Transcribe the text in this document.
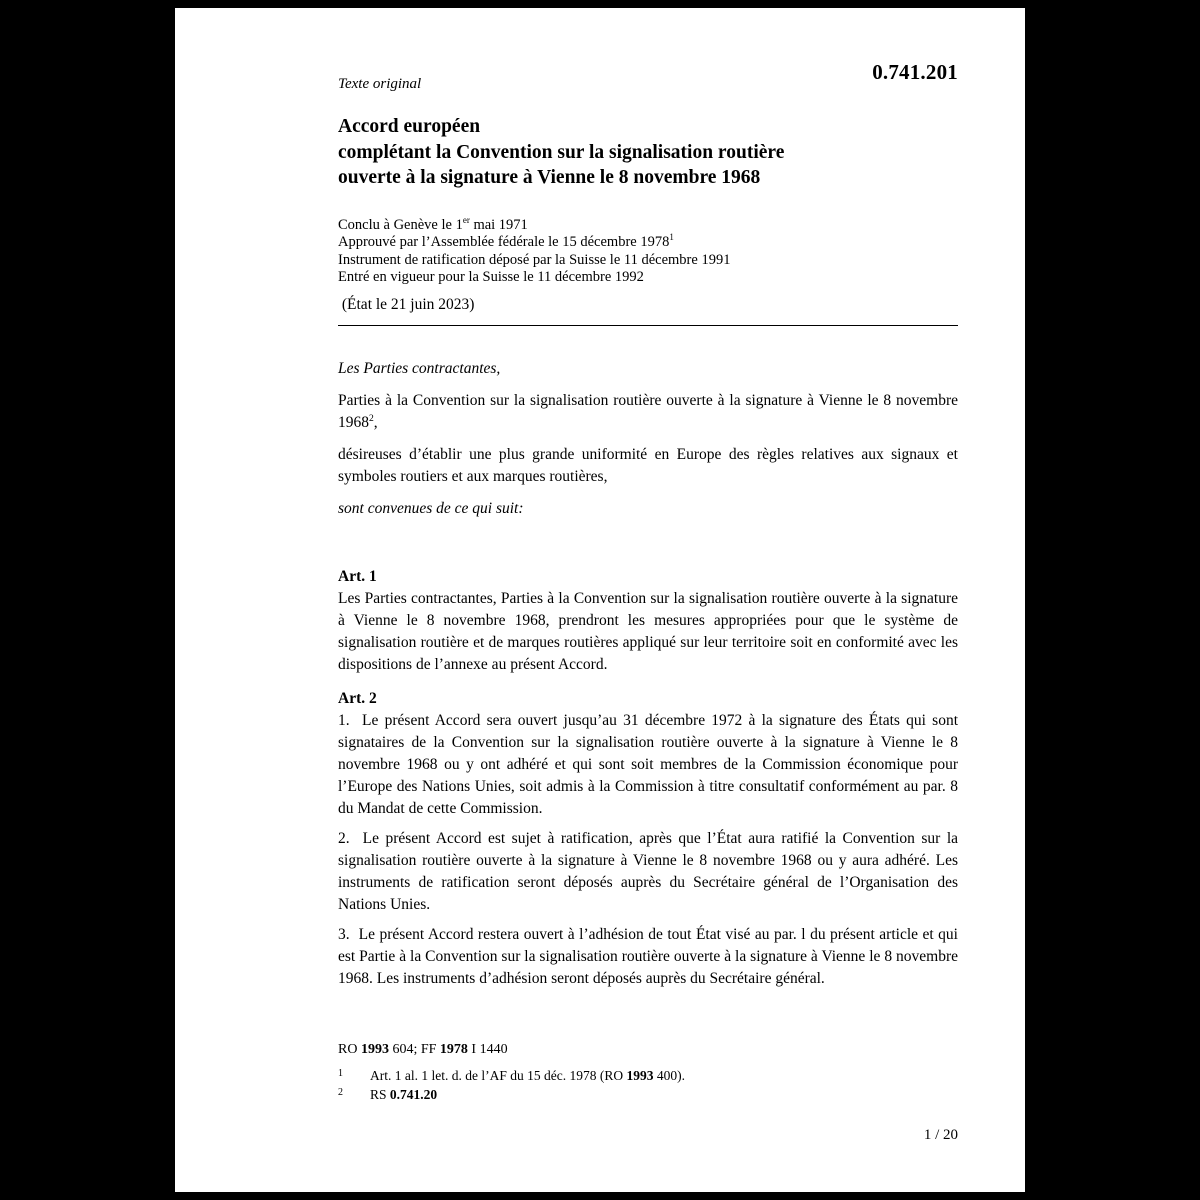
Texte original	0.741.201
Accord européen
complétant la Convention sur la signalisation routière
ouverte à la signature à Vienne le 8 novembre 1968
Conclu à Genève le 1er mai 1971
Approuvé par l’Assemblée fédérale le 15 décembre 1978$^1$
Instrument de ratification déposé par la Suisse le 11 décembre 1991
Entré en vigueur pour la Suisse le 11 décembre 1992
(État le 21 juin 2023)

Les Parties contractantes,

Parties à la Convention sur la signalisation routière ouverte à la signature à Vienne le 8 novembre 1968$^2$,

désireuses d’établir une plus grande uniformité en Europe des règles relatives aux signaux et symboles routiers et aux marques routières,

sont convenues de ce qui suit:

Art. 1

Les Parties contractantes, Parties à la Convention sur la signalisation routière ouverte à la signature à Vienne le 8 novembre 1968, prendront les mesures appropriées pour que le système de signalisation routière et de marques routières appliqué sur leur territoire soit en conformité avec les dispositions de l’annexe au présent Accord.

Art. 2

1.  Le présent Accord sera ouvert jusqu’au 31 décembre 1972 à la signature des États qui sont signataires de la Convention sur la signalisation routière ouverte à la signature à Vienne le 8 novembre 1968 ou y ont adhéré et qui sont soit membres de la Commission économique pour l’Europe des Nations Unies, soit admis à la Commission à titre consultatif conformément au par. 8 du Mandat de cette Commission.

2.  Le présent Accord est sujet à ratification, après que l’État aura ratifié la Convention sur la signalisation routière ouverte à la signature à Vienne le 8 novembre 1968 ou y aura adhéré. Les instruments de ratification seront déposés auprès du Secrétaire général de l’Organisation des Nations Unies.

3.  Le présent Accord restera ouvert à l’adhésion de tout État visé au par. l du présent article et qui est Partie à la Convention sur la signalisation routière ouverte à la signature à Vienne le 8 novembre 1968. Les instruments d’adhésion seront déposés auprès du Secrétaire général.

RO 1993 604; FF 1978 I 1440
1	Art. 1 al. 1 let. d. de l’AF du 15 déc. 1978 (RO 1993 400).
2	RS 0.741.20
1 / 20
